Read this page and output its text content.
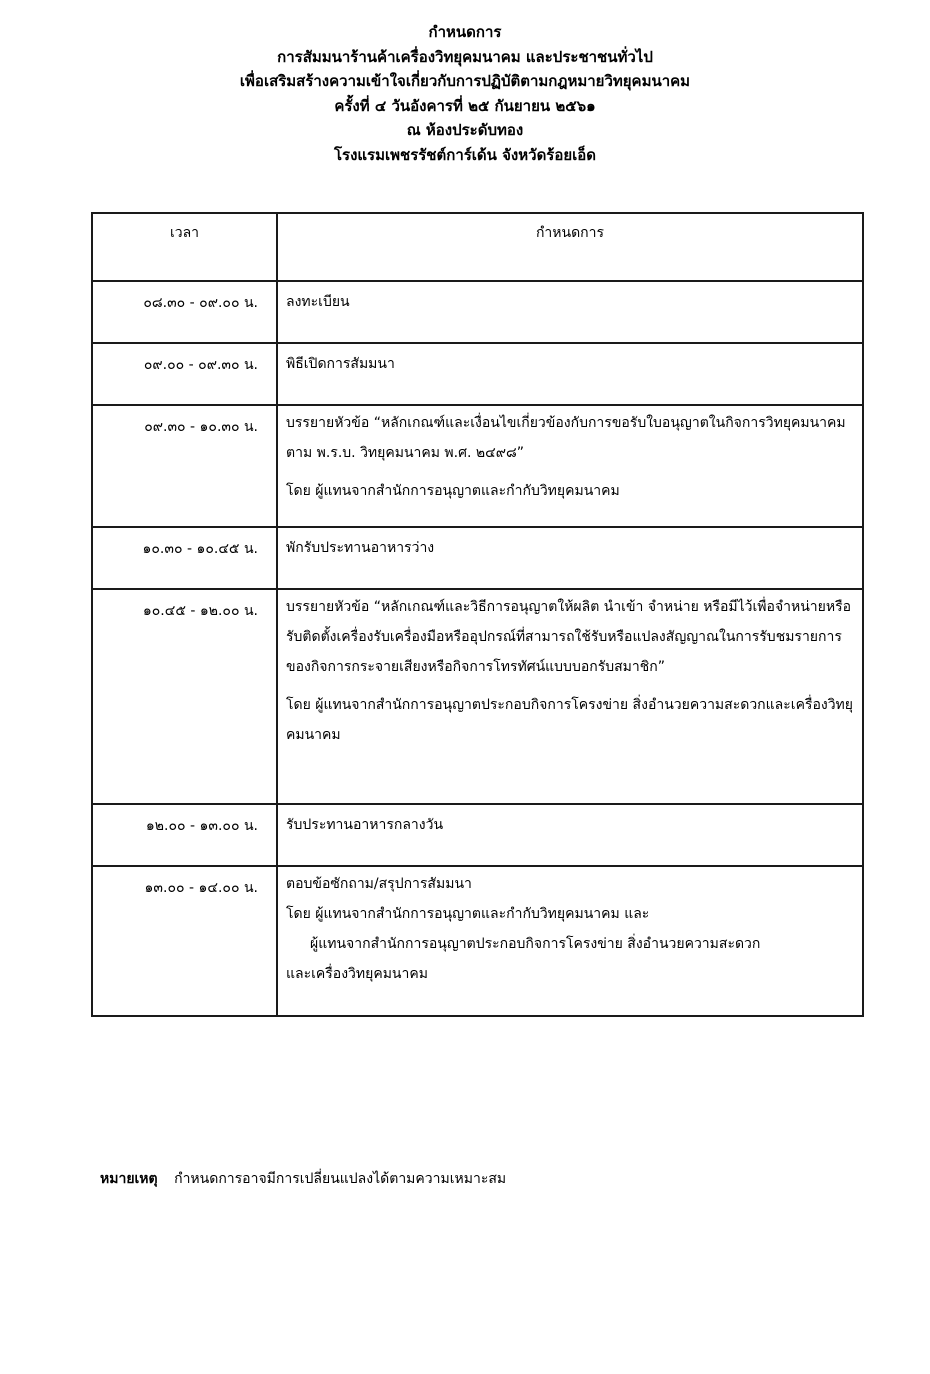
กำหนดการ
การสัมมนาร้านค้าเครื่องวิทยุคมนาคม และประชาชนทั่วไป
เพื่อเสริมสร้างความเข้าใจเกี่ยวกับการปฏิบัติตามกฎหมายวิทยุคมนาคม
ครั้งที่ ๔ วันอังคารที่ ๒๕ กันยายน ๒๕๖๑
ณ ห้องประดับทอง
โรงแรมเพชรรัชต์การ์เด้น จังหวัดร้อยเอ็ด
เวลา	กำหนดการ
๐๘.๓๐ - ๐๙.๐๐ น.	ลงทะเบียน

๐๙.๐๐ - ๐๙.๓๐ น.	พิธีเปิดการสัมมนา

๐๙.๓๐ - ๑๐.๓๐ น.	บรรยายหัวข้อ “หลักเกณฑ์และเงื่อนไขเกี่ยวข้องกับการขอรับใบอนุญาตในกิจการวิทยุคมนาคม ตาม พ.ร.บ. วิทยุคมนาคม พ.ศ. ๒๔๙๘”

โดย ผู้แทนจากสำนักการอนุญาตและกำกับวิทยุคมนาคม

๑๐.๓๐ - ๑๐.๔๕ น.	พักรับประทานอาหารว่าง

๑๐.๔๕ - ๑๒.๐๐ น.	บรรยายหัวข้อ “หลักเกณฑ์และวิธีการอนุญาตให้ผลิต นำเข้า จำหน่าย หรือมีไว้เพื่อจำหน่ายหรือรับติดตั้งเครื่องรับเครื่องมือหรืออุปกรณ์ที่สามารถใช้รับหรือแปลงสัญญาณในการรับชมรายการของกิจการกระจายเสียงหรือกิจการโทรทัศน์แบบบอกรับสมาชิก”

โดย ผู้แทนจากสำนักการอนุญาตประกอบกิจการโครงข่าย สิ่งอำนวยความสะดวกและเครื่องวิทยุคมนาคม

๑๒.๐๐ - ๑๓.๐๐ น.	รับประทานอาหารกลางวัน

๑๓.๐๐ - ๑๔.๐๐ น.	ตอบข้อซักถาม/สรุปการสัมมนา

โดย ผู้แทนจากสำนักการอนุญาตและกำกับวิทยุคมนาคม และ

ผู้แทนจากสำนักการอนุญาตประกอบกิจการโครงข่าย สิ่งอำนวยความสะดวก

และเครื่องวิทยุคมนาคม

หมายเหตุ กำหนดการอาจมีการเปลี่ยนแปลงได้ตามความเหมาะสม
